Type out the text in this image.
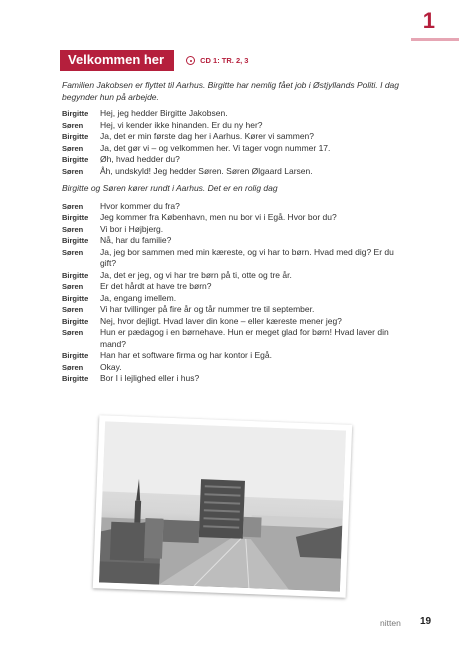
1
Velkommen her	CD 1: TR. 2, 3

Familien Jakobsen er flyttet til Aarhus. Birgitte har nemlig fået job i Østjyllands Politi. I dag begynder hun på arbejde.

Birgitte	Hej, jeg hedder Birgitte Jakobsen.
Søren	Hej, vi kender ikke hinanden. Er du ny her?
Birgitte	Ja, det er min første dag her i Aarhus. Kører vi sammen?
Søren	Ja, det gør vi – og velkommen her. Vi tager vogn nummer 17.
Birgitte	Øh, hvad hedder du?
Søren	Åh, undskyld! Jeg hedder Søren. Søren Ølgaard Larsen.

Birgitte og Søren kører rundt i Aarhus. Det er en rolig dag

Søren	Hvor kommer du fra?
Birgitte	Jeg kommer fra København, men nu bor vi i Egå. Hvor bor du?
Søren	Vi bor i Højbjerg.
Birgitte	Nå, har du familie?
Søren	Ja, jeg bor sammen med min kæreste, og vi har to børn. Hvad med dig? Er du gift?
Birgitte	Ja, det er jeg, og vi har tre børn på ti, otte og tre år.
Søren	Er det hårdt at have tre børn?
Birgitte	Ja, engang imellem.
Søren	Vi har tvillinger på fire år og tår nummer tre til september.
Birgitte	Nej, hvor dejligt. Hvad laver din kone – eller kæreste mener jeg?
Søren	Hun er pædagog i en børnehave. Hun er meget glad for børn! Hvad laver din mand?
Birgitte	Han har et software firma og har kontor i Egå.
Søren	Okay.
Birgitte	Bor I i lejlighed eller i hus?
nitten 19
